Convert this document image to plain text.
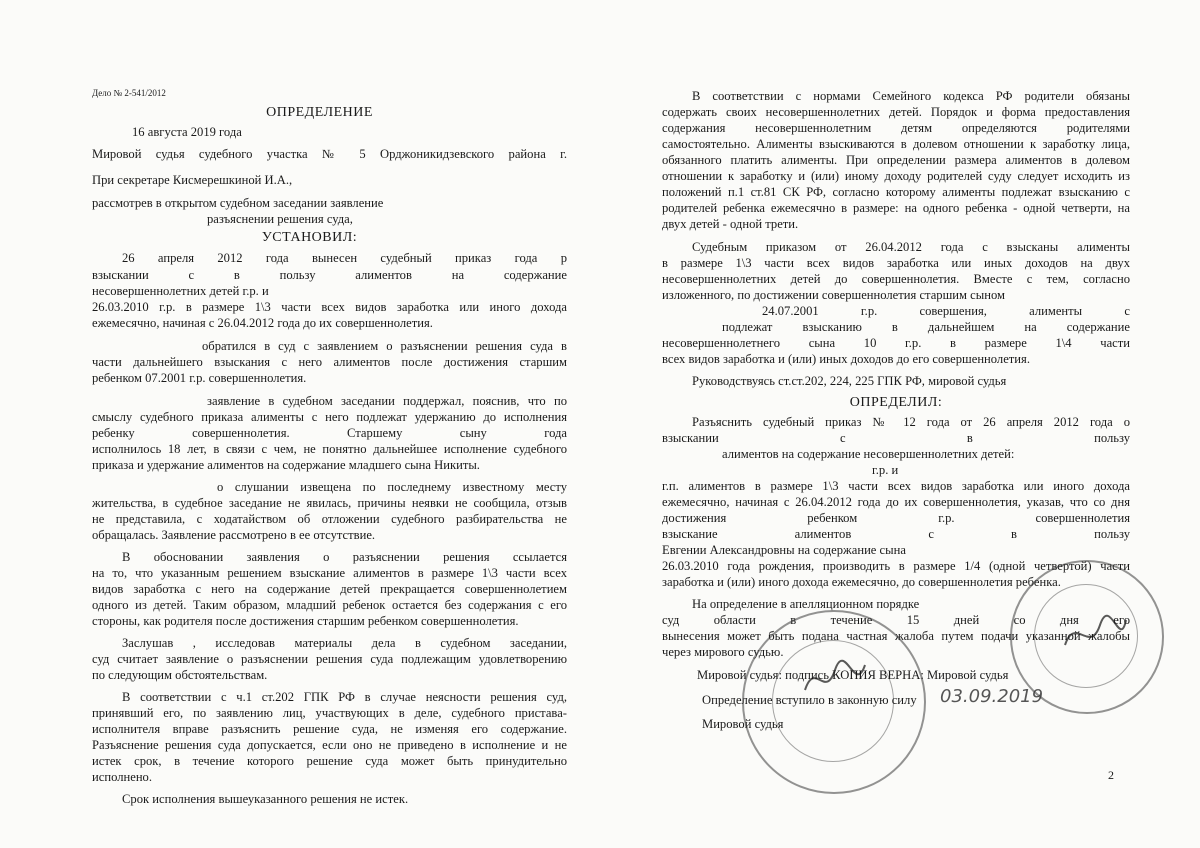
Дело № 2-541/2012
ОПРЕДЕЛЕНИЕ
16 августа 2019 года
Мировой судья судебного участка № 5 Орджоникидзевского района г.
При секретаре Кисмерешкиной И.А.,
рассмотрев в открытом судебном заседании заявление
разъяснении решения суда,
УСТАНОВИЛ:
26 апреля 2012 года вынесен судебный приказ года р
взыскании с в пользу алиментов на содержание
несовершеннолетних детей г.р. и
26.03.2010 г.р. в размере 1\3 части всех видов заработка или иного дохода
ежемесячно, начиная с 26.04.2012 года до их совершеннолетия.
обратился в суд с заявлением о разъяснении решения суда в
части дальнейшего взыскания с него алиментов после достижения старшим
ребенком 07.2001 г.р. совершеннолетия.
заявление в судебном заседании поддержал, пояснив, что по
смыслу судебного приказа алименты с него подлежат удержанию до исполнения
ребенку совершеннолетия. Старшему сыну года
исполнилось 18 лет, в связи с чем, не понятно дальнейшее исполнение судебного
приказа и удержание алиментов на содержание младшего сына Никиты.
о слушании извещена по последнему известному месту
жительства, в судебное заседание не явилась, причины неявки не сообщила, отзыв
не представила, с ходатайством об отложении судебного разбирательства не
обращалась. Заявление рассмотрено в ее отсутствие.
В обосновании заявления о разъяснении решения ссылается
на то, что указанным решением взыскание алиментов в размере 1\3 части всех
видов заработка с него на содержание детей прекращается совершеннолетием
одного из детей. Таким образом, младший ребенок остается без содержания с его
стороны, как родителя после достижения старшим ребенком совершеннолетия.
Заслушав , исследовав материалы дела в судебном заседании,
суд считает заявление о разъяснении решения суда подлежащим удовлетворению
по следующим обстоятельствам.
В соответствии с ч.1 ст.202 ГПК РФ в случае неясности решения суд,
принявший его, по заявлению лиц, участвующих в деле, судебного пристава-
исполнителя вправе разъяснить решение суда, не изменяя его содержание.
Разъяснение решения суда допускается, если оно не приведено в исполнение и не
истек срок, в течение которого решение суда может быть принудительно
исполнено.
Срок исполнения вышеуказанного решения не истек.
В соответствии с нормами Семейного кодекса РФ родители обязаны
содержать своих несовершеннолетних детей. Порядок и форма предоставления
содержания несовершеннолетним детям определяются родителями
самостоятельно. Алименты взыскиваются в долевом отношении к заработку лица,
обязанного платить алименты. При определении размера алиментов в долевом
отношении к заработку и (или) иному доходу родителей суду следует исходить из
положений п.1 ст.81 СК РФ, согласно которому алименты подлежат взысканию с
родителей ребенка ежемесячно в размере: на одного ребенка - одной четверти, на
двух детей - одной трети.
Судебным приказом от 26.04.2012 года с взысканы алименты
в размере 1\3 части всех видов заработка или иных доходов на двух
несовершеннолетних детей до совершеннолетия. Вместе с тем, согласно
изложенного, по достижении совершеннолетия старшим сыном
24.07.2001 г.р. совершения, алименты с
подлежат взысканию в дальнейшем на содержание
несовершеннолетнего сына 10 г.р. в размере 1\4 части
всех видов заработка и (или) иных доходов до его совершеннолетия.
Руководствуясь ст.ст.202, 224, 225 ГПК РФ, мировой судья
ОПРЕДЕЛИЛ:
Разъяснить судебный приказ № 12 года от 26 апреля 2012 года о
взыскании с в пользу
алиментов на содержание несовершеннолетних детей:
г.р. и
г.п. алиментов в размере 1\3 части всех видов заработка или иного дохода
ежемесячно, начиная с 26.04.2012 года до их совершеннолетия, указав, что со дня
достижения ребенком г.р. совершеннолетия
взыскание алиментов с в пользу
Евгении Александровны на содержание сына
26.03.2010 года рождения, производить в размере 1/4 (одной четвертой) части
заработка и (или) иного дохода ежемесячно, до совершеннолетия ребенка.
На определение в апелляционном порядке
суд области в течение 15 дней со дня его
вынесения может быть подана частная жалоба путем подачи указанной жалобы
через мирового судью.
Мировой судья: подпись КОПИЯ ВЕРНА: Мировой судья
Определение вступило в законную силу	03.09.2019
Мировой судья
2
